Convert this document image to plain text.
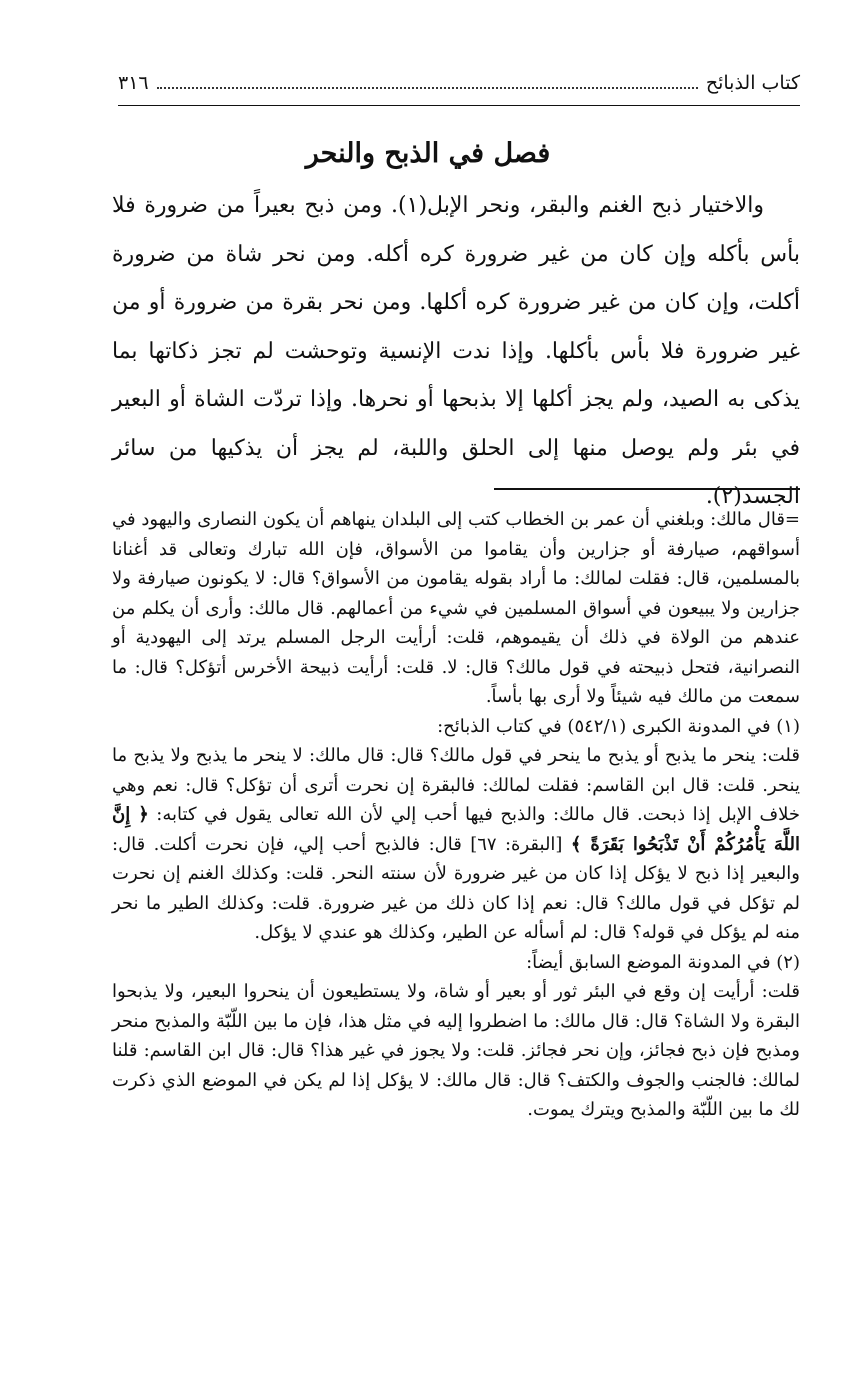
كتاب الذبائح
٣١٦
فصل في الذبح والنحر

والاختيار ذبح الغنم والبقر، ونحر الإبل(١). ومن ذبح بعيراً من ضرورة فلا بأس بأكله وإن كان من غير ضرورة كره أكله. ومن نحر شاة من ضرورة أكلت، وإن كان من غير ضرورة كره أكلها. ومن نحر بقرة من ضرورة أو من غير ضرورة فلا بأس بأكلها. وإذا ندت الإنسية وتوحشت لم تجز ذكاتها بما يذكى به الصيد، ولم يجز أكلها إلا بذبحها أو نحرها. وإذا تردّت الشاة أو البعير في بئر ولم يوصل منها إلى الحلق واللبة، لم يجز أن يذكيها من سائر الجسد(٢).

=قال مالك: وبلغني أن عمر بن الخطاب كتب إلى البلدان ينهاهم أن يكون النصارى واليهود في أسواقهم، صيارفة أو جزارين وأن يقاموا من الأسواق، فإن الله تبارك وتعالى قد أغنانا بالمسلمين، قال: فقلت لمالك: ما أراد بقوله يقامون من الأسواق؟ قال: لا يكونون صيارفة ولا جزارين ولا يبيعون في أسواق المسلمين في شيء من أعمالهم. قال مالك: وأرى أن يكلم من عندهم من الولاة في ذلك أن يقيموهم، قلت: أرأيت الرجل المسلم يرتد إلى اليهودية أو النصرانية، فتحل ذبيحته في قول مالك؟ قال: لا. قلت: أرأيت ذبيحة الأخرس أتؤكل؟ قال: ما سمعت من مالك فيه شيئاً ولا أرى بها بأساً.

(١) في المدونة الكبرى (٥٤٢/١) في كتاب الذبائح:

قلت: ينحر ما يذبح أو يذبح ما ينحر في قول مالك؟ قال: قال مالك: لا ينحر ما يذبح ولا يذبح ما ينحر. قلت: قال ابن القاسم: فقلت لمالك: فالبقرة إن نحرت أترى أن تؤكل؟ قال: نعم وهي خلاف الإبل إذا ذبحت. قال مالك: والذبح فيها أحب إلي لأن الله تعالى يقول في كتابه: ﴿ إِنَّ اللَّهَ يَأْمُرُكُمْ أَنْ تَذْبَحُوا بَقَرَةً ﴾ [البقرة: ٦٧] قال: فالذبح أحب إلي، فإن نحرت أكلت. قال: والبعير إذا ذبح لا يؤكل إذا كان من غير ضرورة لأن سنته النحر. قلت: وكذلك الغنم إن نحرت لم تؤكل في قول مالك؟ قال: نعم إذا كان ذلك من غير ضرورة. قلت: وكذلك الطير ما نحر منه لم يؤكل في قوله؟ قال: لم أسأله عن الطير، وكذلك هو عندي لا يؤكل.

(٢) في المدونة الموضع السابق أيضاً:

قلت: أرأيت إن وقع في البئر ثور أو بعير أو شاة، ولا يستطيعون أن ينحروا البعير، ولا يذبحوا البقرة ولا الشاة؟ قال: قال مالك: ما اضطروا إليه في مثل هذا، فإن ما بين اللّبّة والمذبح منحر ومذبح فإن ذبح فجائز، وإن نحر فجائز. قلت: ولا يجوز في غير هذا؟ قال: قال ابن القاسم: قلنا لمالك: فالجنب والجوف والكتف؟ قال: قال مالك: لا يؤكل إذا لم يكن في الموضع الذي ذكرت لك ما بين اللّبّة والمذبح ويترك يموت.
